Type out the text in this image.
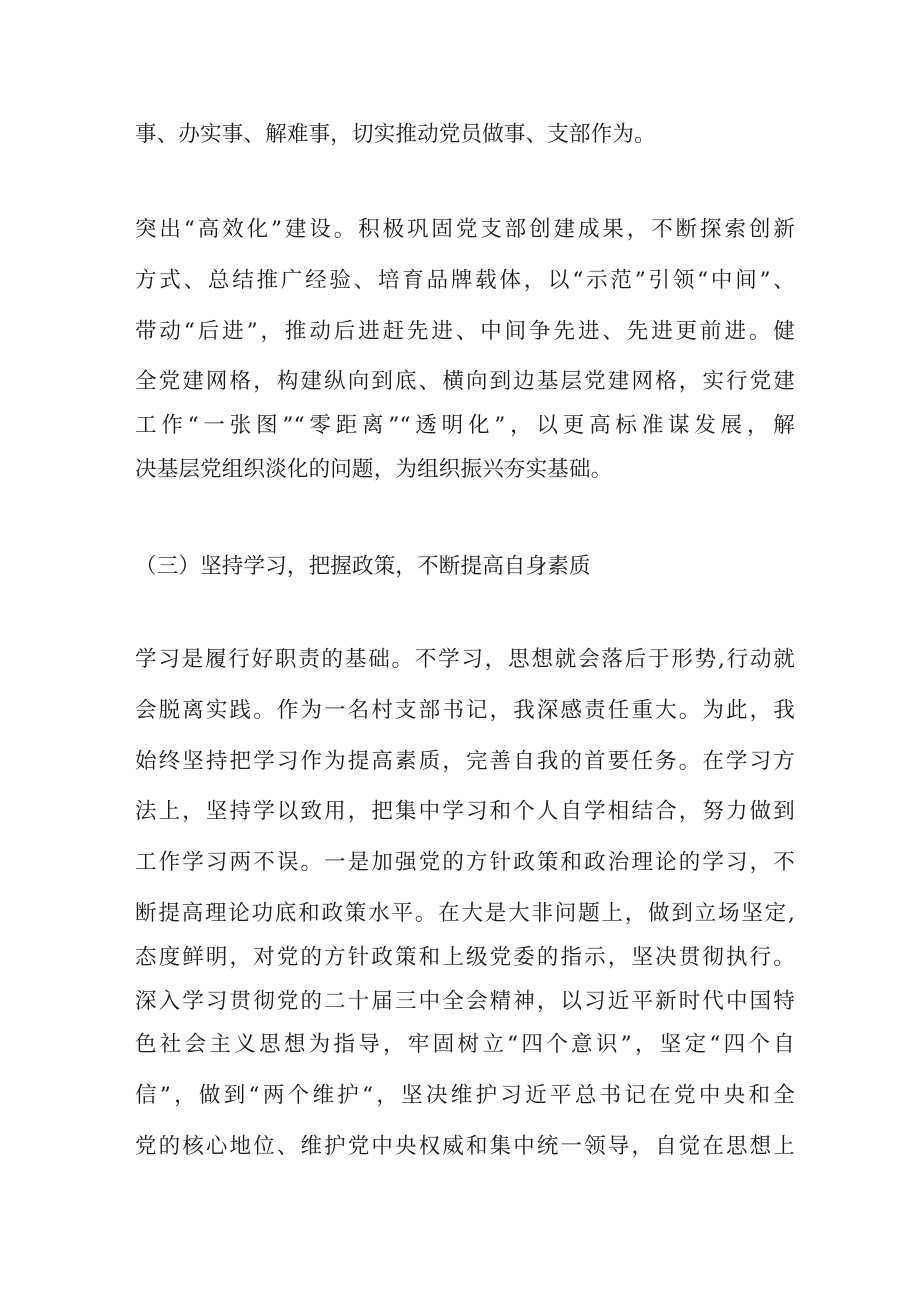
事、办实事、解难事，切实推动党员做事、支部作为。
突出“高效化”建设。积极巩固党支部创建成果，不断探索创新
方式、总结推广经验、培育品牌载体，以“示范”引领“中间”、
带动“后进”，推动后进赶先进、中间争先进、先进更前进。健
全党建网格，构建纵向到底、横向到边基层党建网格，实行党建
工作“一张图”“零距离”“透明化”，以更高标准谋发展，解
决基层党组织淡化的问题，为组织振兴夯实基础。
（三）坚持学习，把握政策，不断提高自身素质
学习是履行好职责的基础。不学习，思想就会落后于形势,行动就
会脱离实践。作为一名村支部书记，我深感责任重大。为此，我
始终坚持把学习作为提高素质，完善自我的首要任务。在学习方
法上，坚持学以致用，把集中学习和个人自学相结合，努力做到
工作学习两不误。一是加强党的方针政策和政治理论的学习，不
断提高理论功底和政策水平。在大是大非问题上，做到立场坚定,
态度鲜明，对党的方针政策和上级党委的指示，坚决贯彻执行。
深入学习贯彻党的二十届三中全会精神，以习近平新时代中国特
色社会主义思想为指导，牢固树立“四个意识”，坚定“四个自
信”，做到“两个维护“，坚决维护习近平总书记在党中央和全
党的核心地位、维护党中央权威和集中统一领导，自觉在思想上
